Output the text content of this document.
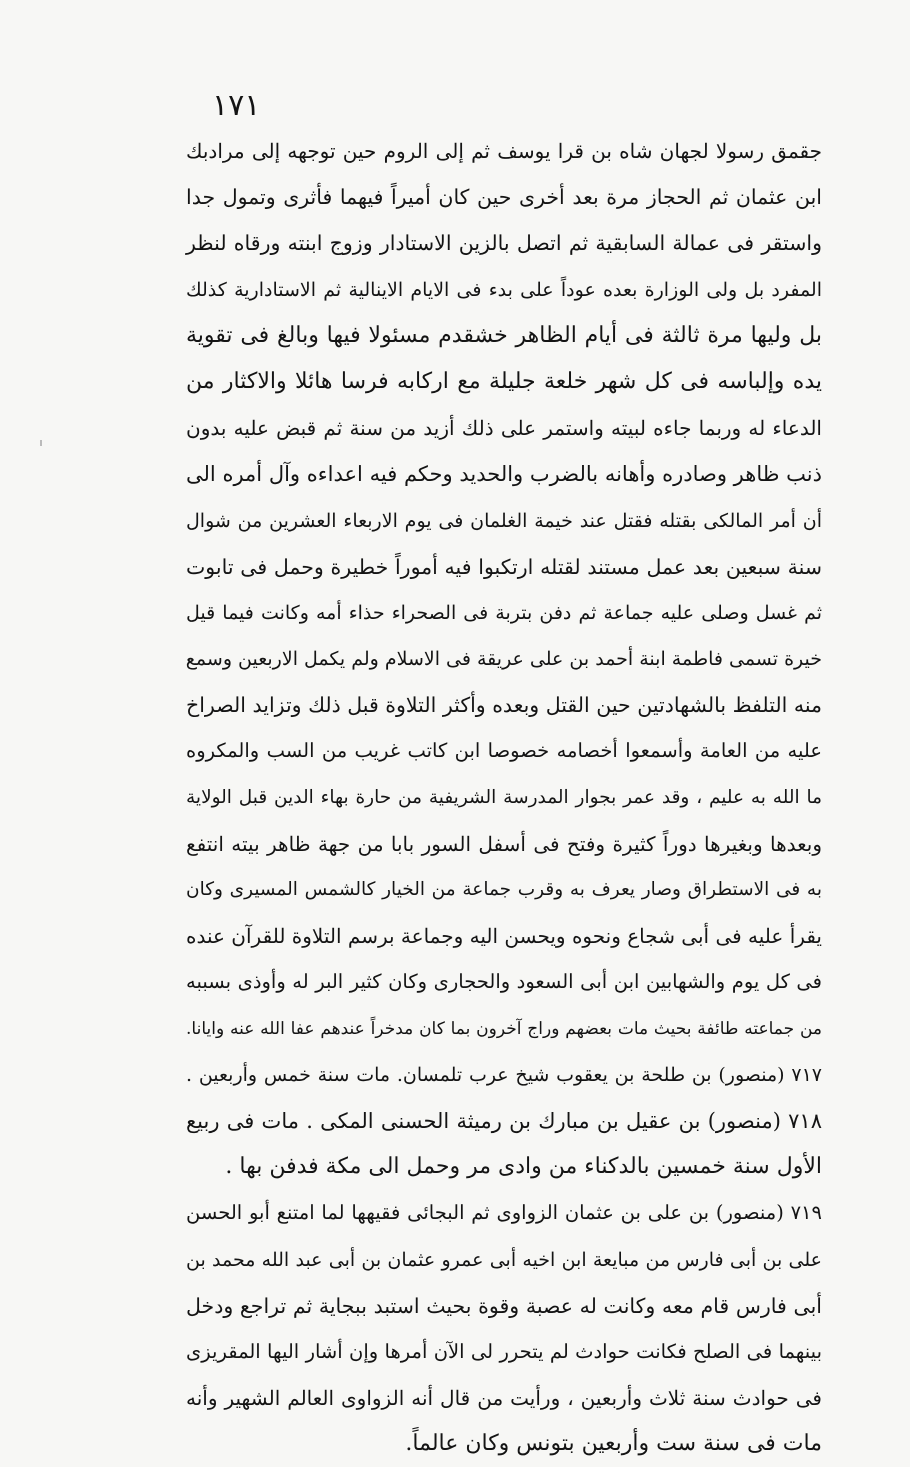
١٧١
جقمق رسولا لجهان شاه بن قرا يوسف ثم إلى الروم حين توجهه إلى مرادبك
ابن عثمان ثم الحجاز مرة بعد أخرى حين كان أميراً فيهما فأثرى وتمول جدا
واستقر فى عمالة السابقية ثم اتصل بالزين الاستادار وزوج ابنته ورقاه لنظر
المفرد بل ولى الوزارة بعده عوداً على بدء فى الايام الاينالية ثم الاستادارية كذلك
بل وليها مرة ثالثة فى أيام الظاهر خشقدم مسئولا فيها وبالغ فى تقوية
يده وإلباسه فى كل شهر خلعة جليلة مع اركابه فرسا هائلا والاكثار من
الدعاء له وربما جاءه لبيته واستمر على ذلك أزيد من سنة ثم قبض عليه بدون
ذنب ظاهر وصادره وأهانه بالضرب والحديد وحكم فيه اعداءه وآل أمره الى
أن أمر المالكى بقتله فقتل عند خيمة الغلمان فى يوم الاربعاء العشرين من شوال
سنة سبعين بعد عمل مستند لقتله ارتكبوا فيه أموراً خطيرة وحمل فى تابوت
ثم غسل وصلى عليه جماعة ثم دفن بتربة فى الصحراء حذاء أمه وكانت فيما قيل
خيرة تسمى فاطمة ابنة أحمد بن على عريقة فى الاسلام ولم يكمل الاربعين وسمع
منه التلفظ بالشهادتين حين القتل وبعده وأكثر التلاوة قبل ذلك وتزايد الصراخ
عليه من العامة وأسمعوا أخصامه خصوصا ابن كاتب غريب من السب والمكروه
ما الله به عليم ، وقد عمر بجوار المدرسة الشريفية من حارة بهاء الدين قبل الولاية
وبعدها وبغيرها دوراً كثيرة وفتح فى أسفل السور بابا من جهة ظاهر بيته انتفع
به فى الاستطراق وصار يعرف به وقرب جماعة من الخيار كالشمس المسيرى وكان
يقرأ عليه فى أبى شجاع ونحوه ويحسن اليه وجماعة برسم التلاوة للقرآن عنده
فى كل يوم والشهابين ابن أبى السعود والحجارى وكان كثير البر له وأوذى بسببه
من جماعته طائفة بحيث مات بعضهم وراج آخرون بما كان مدخراً عندهم عفا الله عنه وايانا.
٧١٧ (منصور) بن طلحة بن يعقوب شيخ عرب تلمسان. مات سنة خمس وأربعين .
٧١٨ (منصور) بن عقيل بن مبارك بن رميثة الحسنى المكى . مات فى ربيع
الأول سنة خمسين بالدكناء من وادى مر وحمل الى مكة فدفن بها .
٧١٩ (منصور) بن على بن عثمان الزواوى ثم البجائى فقيهها لما امتنع أبو الحسن
على بن أبى فارس من مبايعة ابن اخيه أبى عمرو عثمان بن أبى عبد الله محمد بن
أبى فارس قام معه وكانت له عصبة وقوة بحيث استبد ببجاية ثم تراجع ودخل
بينهما فى الصلح فكانت حوادث لم يتحرر لى الآن أمرها وإن أشار اليها المقريزى
فى حوادث سنة ثلاث وأربعين ، ورأيت من قال أنه الزواوى العالم الشهير وأنه
مات فى سنة ست وأربعين بتونس وكان عالماً.
